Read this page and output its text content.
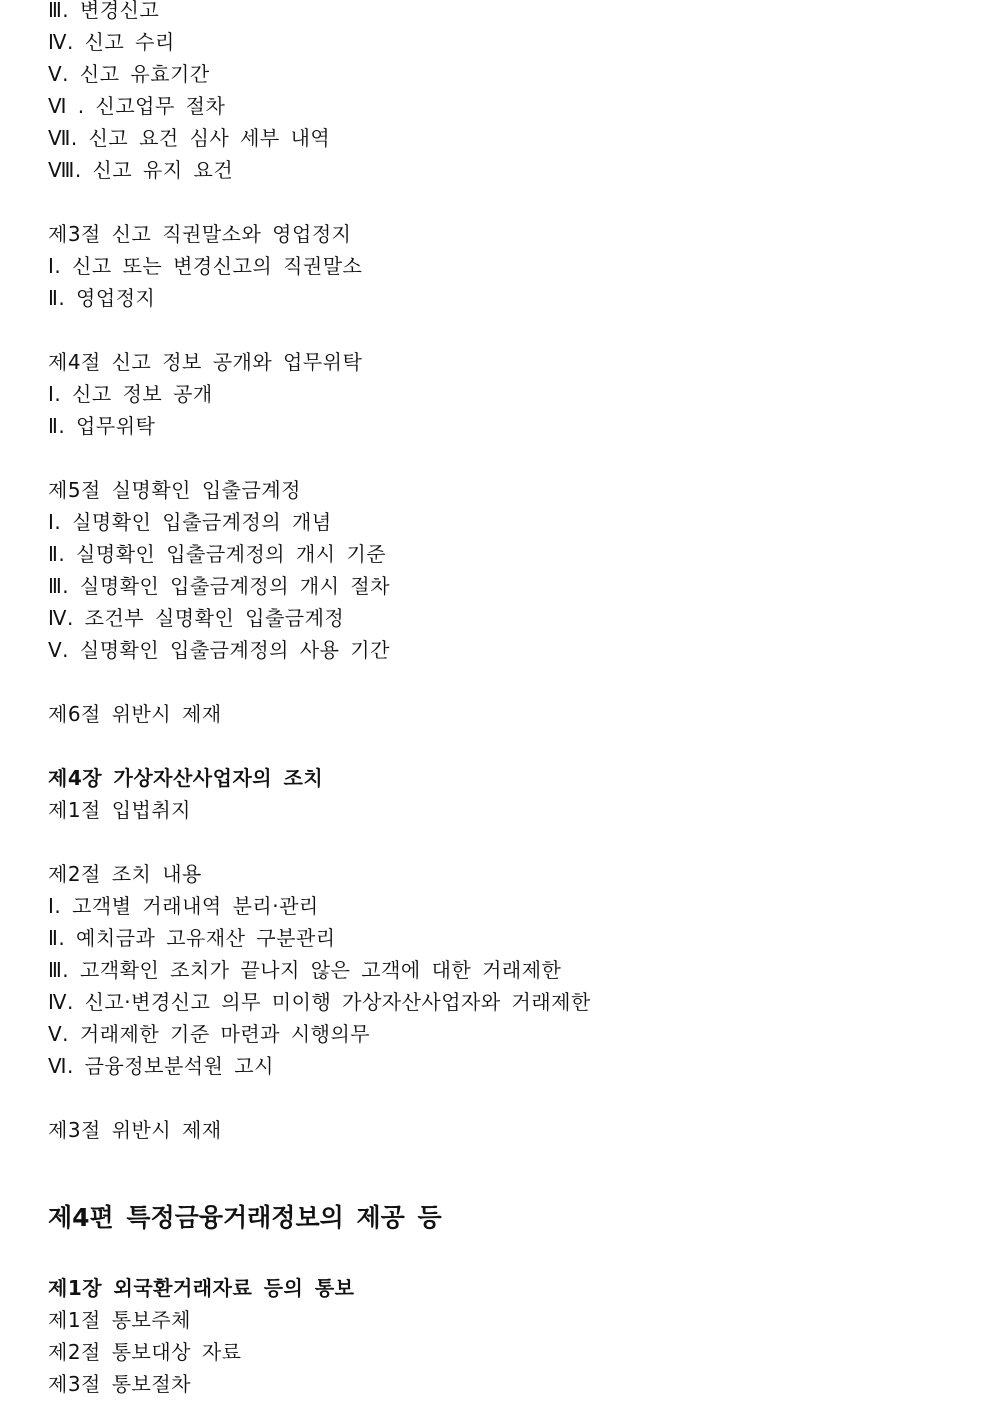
Ⅲ. 변경신고
Ⅳ. 신고 수리
Ⅴ. 신고 유효기간
Ⅵ . 신고업무 절차
Ⅶ. 신고 요건 심사 세부 내역
Ⅷ. 신고 유지 요건
제3절 신고 직권말소와 영업정지
Ⅰ. 신고 또는 변경신고의 직권말소
Ⅱ. 영업정지
제4절 신고 정보 공개와 업무위탁
Ⅰ. 신고 정보 공개
Ⅱ. 업무위탁
제5절 실명확인 입출금계정
Ⅰ. 실명확인 입출금계정의 개념
Ⅱ. 실명확인 입출금계정의 개시 기준
Ⅲ. 실명확인 입출금계정의 개시 절차
Ⅳ. 조건부 실명확인 입출금계정
Ⅴ. 실명확인 입출금계정의 사용 기간
제6절 위반시 제재
제4장 가상자산사업자의 조치
제1절 입법취지
제2절 조치 내용
Ⅰ. 고객별 거래내역 분리·관리
Ⅱ. 예치금과 고유재산 구분관리
Ⅲ. 고객확인 조치가 끝나지 않은 고객에 대한 거래제한
Ⅳ. 신고·변경신고 의무 미이행 가상자산사업자와 거래제한
Ⅴ. 거래제한 기준 마련과 시행의무
Ⅵ. 금융정보분석원 고시
제3절 위반시 제재
제4편 특정금융거래정보의 제공 등
제1장 외국환거래자료 등의 통보
제1절 통보주체
제2절 통보대상 자료
제3절 통보절차
